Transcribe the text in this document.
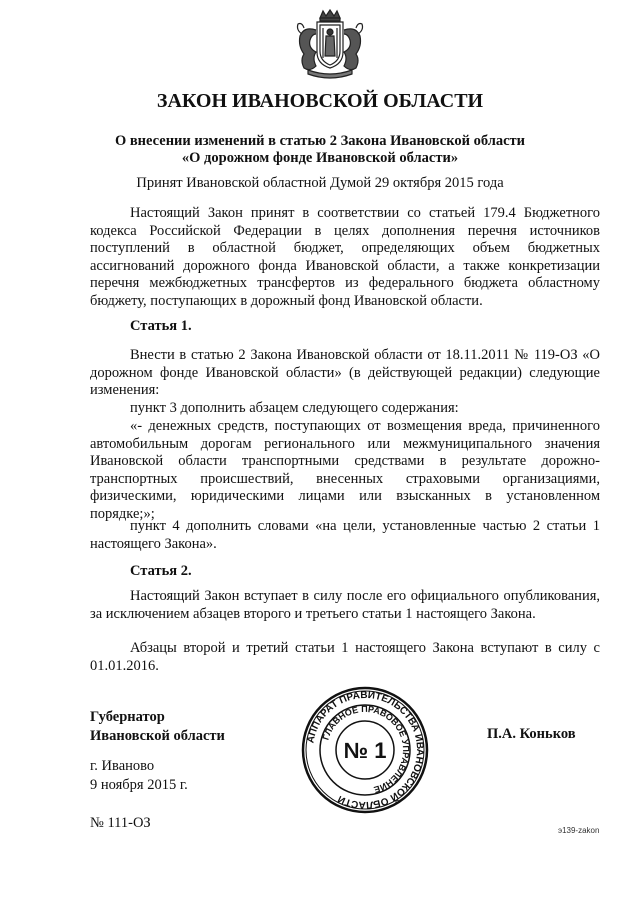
ЗАКОН ИВАНОВСКОЙ ОБЛАСТИ
О внесении изменений в статью 2 Закона Ивановской области
«О дорожном фонде Ивановской области»
Принят Ивановской областной Думой 29 октября 2015 года
Настоящий Закон принят в соответствии со статьей 179.4 Бюджетного кодекса Российской Федерации в целях дополнения перечня источников поступлений в областной бюджет, определяющих объем бюджетных ассигнований дорожного фонда Ивановской области, а также конкретизации перечня межбюджетных трансфертов из федерального бюджета областному бюджету, поступающих в дорожный фонд Ивановской области.
Статья 1.
Внести в статью 2 Закона Ивановской области от 18.11.2011 № 119-ОЗ «О дорожном фонде Ивановской области» (в действующей редакции) следующие изменения:
пункт 3 дополнить абзацем следующего содержания:
«- денежных средств, поступающих от возмещения вреда, причиненного автомобильным дорогам регионального или межмуниципального значения Ивановской области транспортными средствами в результате дорожно-транспортных происшествий, внесенных страховыми организациями, физическими, юридическими лицами или взысканных в установленном порядке;»;
пункт 4 дополнить словами «на цели, установленные частью 2 статьи 1 настоящего Закона».
Статья 2.
Настоящий Закон вступает в силу после его официального опубликования, за исключением абзацев второго и третьего статьи 1 настоящего Закона.
Абзацы второй и третий статьи 1 настоящего Закона вступают в силу с 01.01.2016.
Губернатор
Ивановской области	АППАРАТ ПРАВИТЕЛЬСТВА ИВАНОВСКОЙ ОБЛАСТИ
ГЛАВНОЕ ПРАВОВОЕ УПРАВЛЕНИЕ
№ 1
П.А. Коньков
г. Иваново
9 ноября 2015 г.
№ 111-ОЗ	э139-zakon
